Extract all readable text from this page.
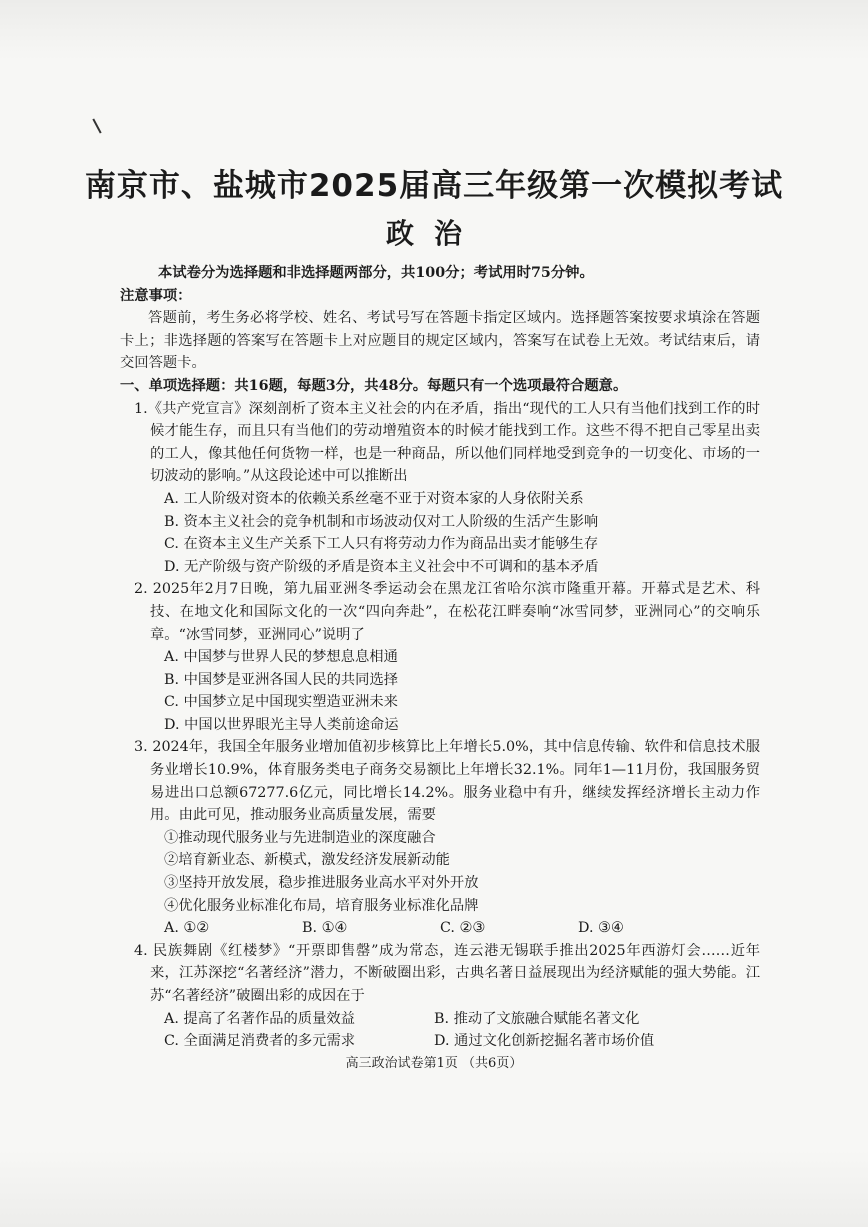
南京市、盐城市2025届高三年级第一次模拟考试
政治
本试卷分为选择题和非选择题两部分，共100分；考试用时75分钟。
注意事项：
答题前，考生务必将学校、姓名、考试号写在答题卡指定区域内。选择题答案按要求填涂在答题卡上；非选择题的答案写在答题卡上对应题目的规定区域内，答案写在试卷上无效。考试结束后，请交回答题卡。
一、单项选择题：共16题，每题3分，共48分。每题只有一个选项最符合题意。
1.《共产党宣言》深刻剖析了资本主义社会的内在矛盾，指出“现代的工人只有当他们找到工作的时候才能生存，而且只有当他们的劳动增殖资本的时候才能找到工作。这些不得不把自己零星出卖的工人，像其他任何货物一样，也是一种商品，所以他们同样地受到竞争的一切变化、市场的一切波动的影响。”从这段论述中可以推断出
A. 工人阶级对资本的依赖关系丝毫不亚于对资本家的人身依附关系
B. 资本主义社会的竞争机制和市场波动仅对工人阶级的生活产生影响
C. 在资本主义生产关系下工人只有将劳动力作为商品出卖才能够生存
D. 无产阶级与资产阶级的矛盾是资本主义社会中不可调和的基本矛盾
2. 2025年2月7日晚，第九届亚洲冬季运动会在黑龙江省哈尔滨市隆重开幕。开幕式是艺术、科技、在地文化和国际文化的一次“四向奔赴”，在松花江畔奏响“冰雪同梦，亚洲同心”的交响乐章。“冰雪同梦，亚洲同心”说明了
A. 中国梦与世界人民的梦想息息相通
B. 中国梦是亚洲各国人民的共同选择
C. 中国梦立足中国现实塑造亚洲未来
D. 中国以世界眼光主导人类前途命运
3. 2024年，我国全年服务业增加值初步核算比上年增长5.0%，其中信息传输、软件和信息技术服务业增长10.9%，体育服务类电子商务交易额比上年增长32.1%。同年1—11月份，我国服务贸易进出口总额67277.6亿元，同比增长14.2%。服务业稳中有升，继续发挥经济增长主动力作用。由此可见，推动服务业高质量发展，需要
①推动现代服务业与先进制造业的深度融合
②培育新业态、新模式，激发经济发展新动能
③坚持开放发展，稳步推进服务业高水平对外开放
④优化服务业标准化布局，培育服务业标准化品牌
A. ①②	B. ①④	C. ②③	D. ③④
4. 民族舞剧《红楼梦》“开票即售罄”成为常态，连云港无锡联手推出2025年西游灯会……近年来，江苏深挖“名著经济”潜力，不断破圈出彩，古典名著日益展现出为经济赋能的强大势能。江苏“名著经济”破圈出彩的成因在于
A. 提高了名著作品的质量效益	B. 推动了文旅融合赋能名著文化
C. 全面满足消费者的多元需求	D. 通过文化创新挖掘名著市场价值
高三政治试卷第1页 （共6页）
